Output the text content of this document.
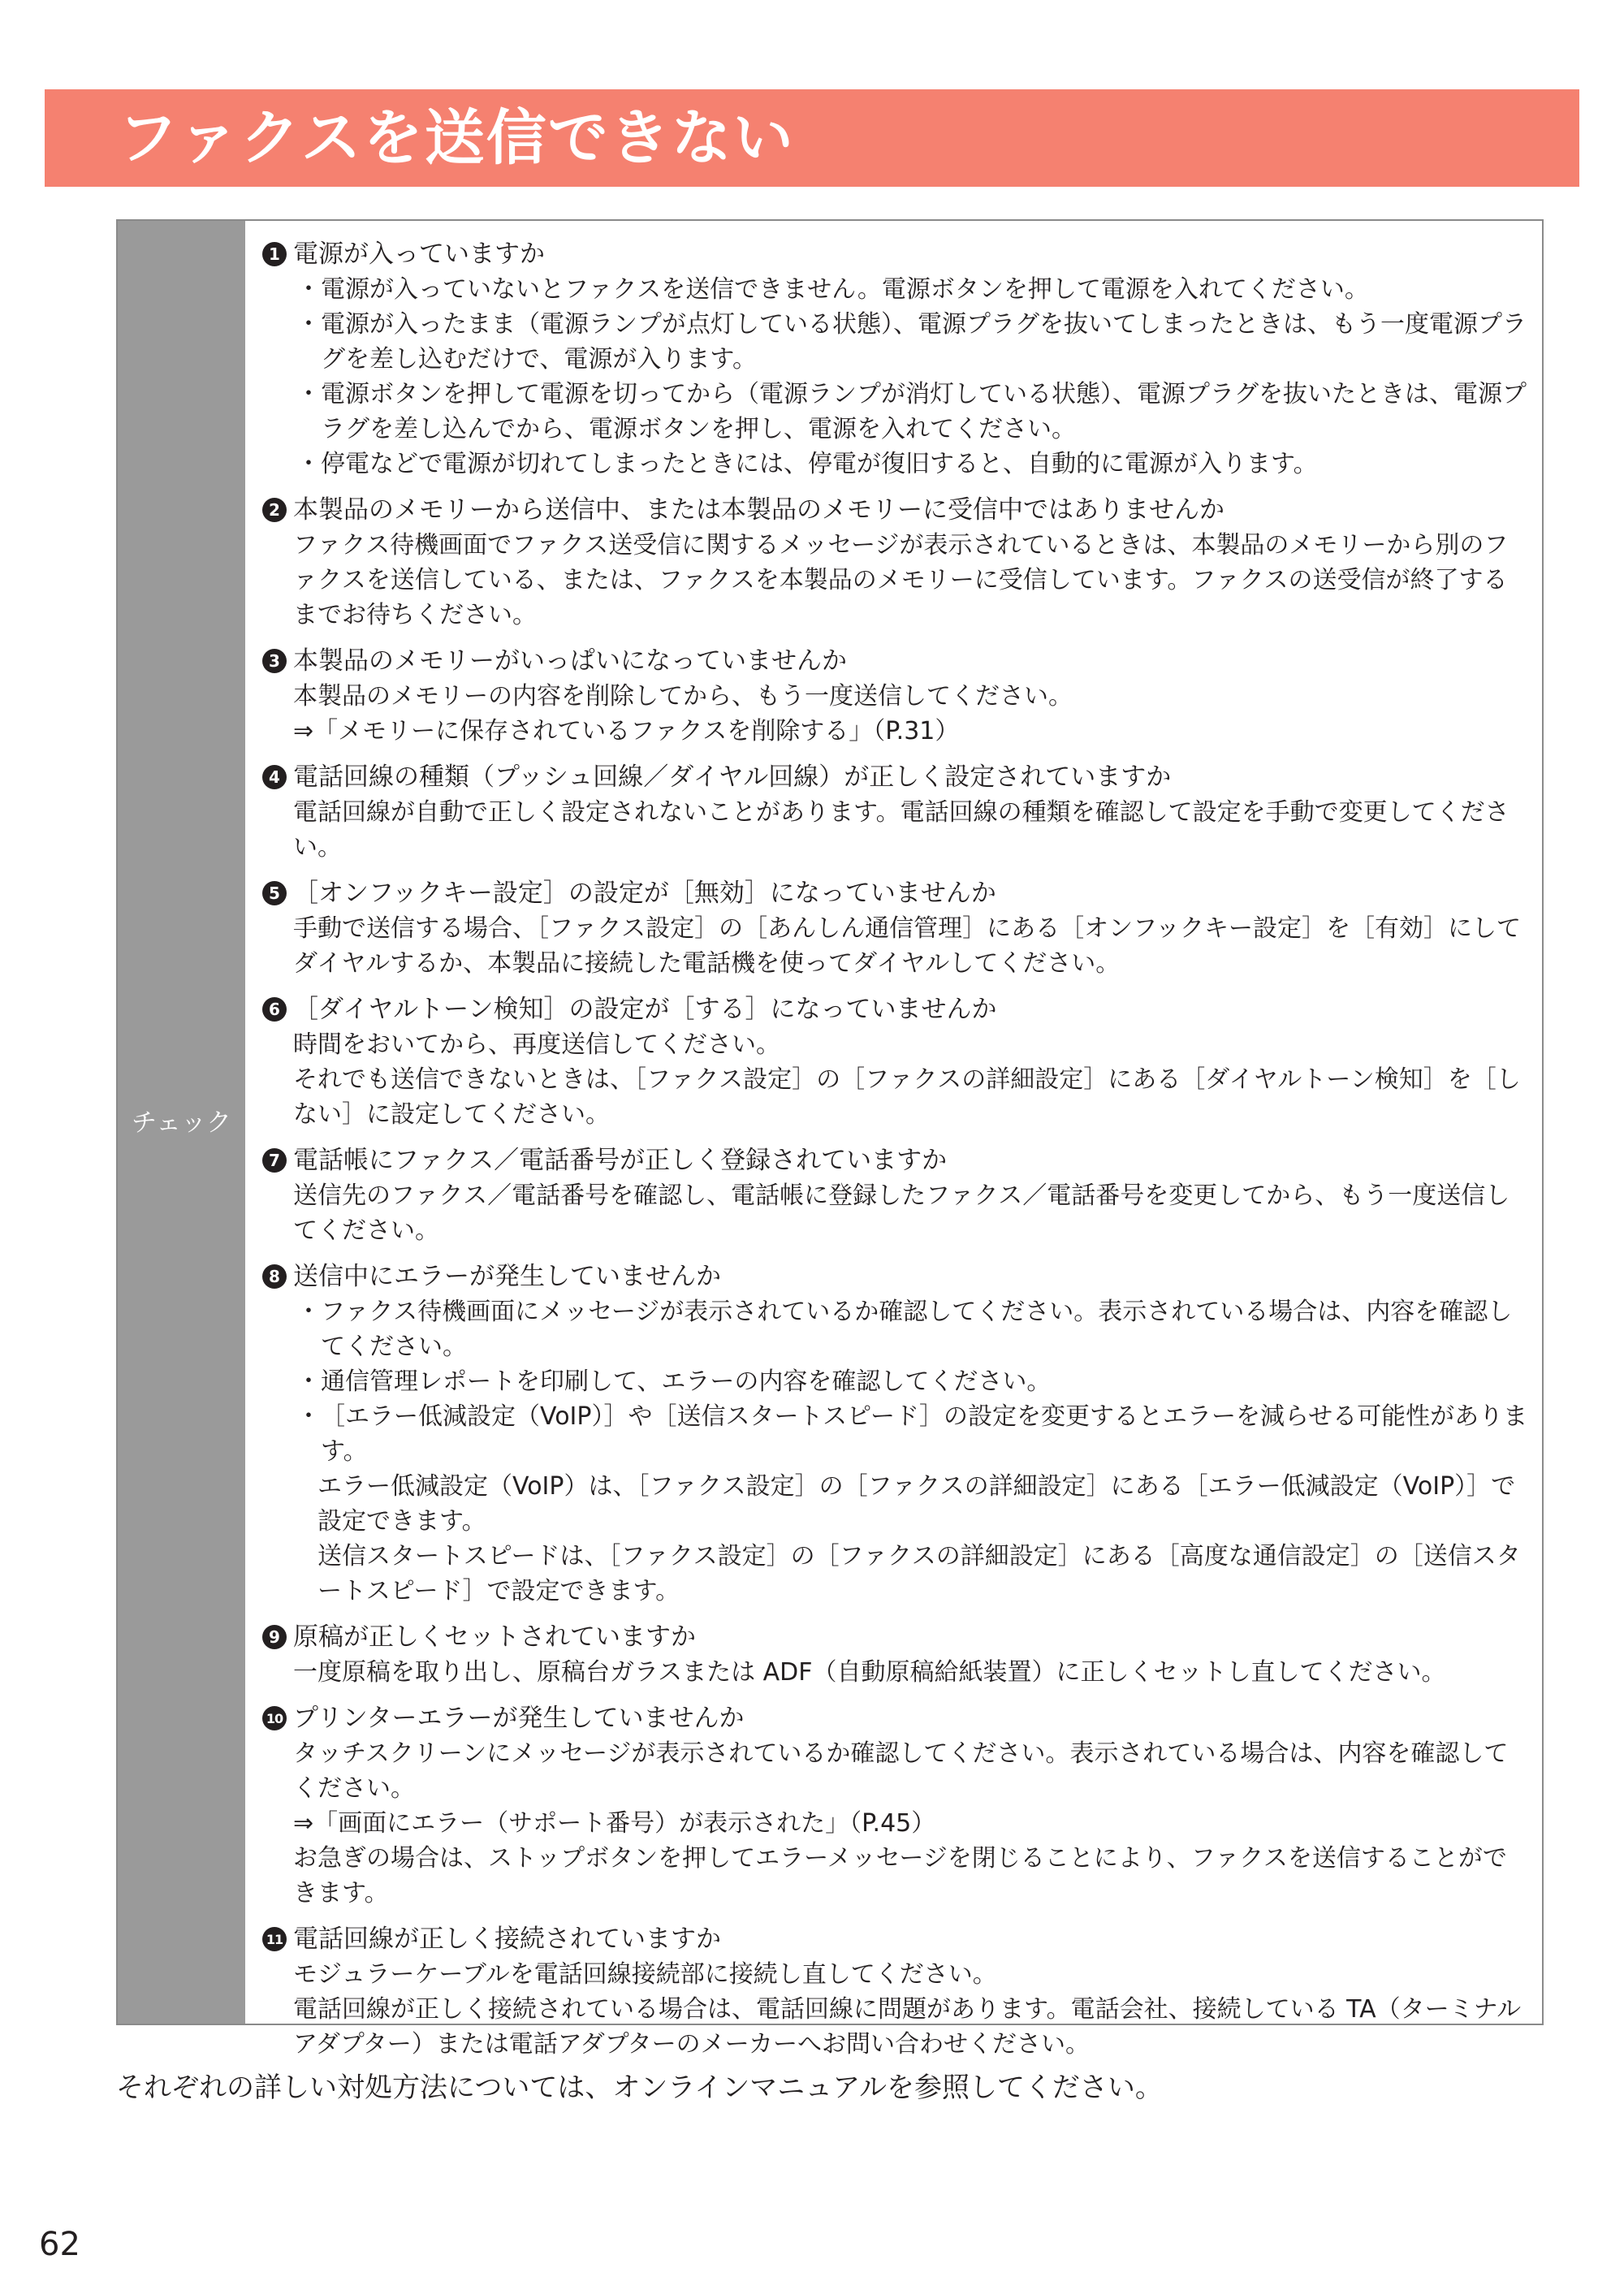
ファクスを送信できない
チェック
1 電源が入っていますか
・ 電源が入っていないとファクスを送信できません。電源ボタンを押して電源を入れてください。
・ 電源が入ったまま（電源ランプが点灯している状態）、電源プラグを抜いてしまったときは、もう一度電源プラグを差し込むだけで、電源が入ります。
・ 電源ボタンを押して電源を切ってから（電源ランプが消灯している状態）、電源プラグを抜いたときは、電源プラグを差し込んでから、電源ボタンを押し、電源を入れてください。
・ 停電などで電源が切れてしまったときには、停電が復旧すると、自動的に電源が入ります。
2 本製品のメモリーから送信中、または本製品のメモリーに受信中ではありませんか

ファクス待機画面でファクス送受信に関するメッセージが表示されているときは、本製品のメモリーから別のファクスを送信している、または、ファクスを本製品のメモリーに受信しています。ファクスの送受信が終了するまでお待ちください。

3 本製品のメモリーがいっぱいになっていませんか

本製品のメモリーの内容を削除してから、もう一度送信してください。

⇒「メモリーに保存されているファクスを削除する」（P.31）

4 電話回線の種類（プッシュ回線／ダイヤル回線）が正しく設定されていますか

電話回線が自動で正しく設定されないことがあります。電話回線の種類を確認して設定を手動で変更してください。

5 ［オンフックキー設定］の設定が［無効］になっていませんか

手動で送信する場合、［ファクス設定］の［あんしん通信管理］にある［オンフックキー設定］を［有効］にしてダイヤルするか、本製品に接続した電話機を使ってダイヤルしてください。

6 ［ダイヤルトーン検知］の設定が［する］になっていませんか

時間をおいてから、再度送信してください。

それでも送信できないときは、［ファクス設定］の［ファクスの詳細設定］にある［ダイヤルトーン検知］を［しない］に設定してください。

7 電話帳にファクス／電話番号が正しく登録されていますか

送信先のファクス／電話番号を確認し、電話帳に登録したファクス／電話番号を変更してから、もう一度送信してください。

8 送信中にエラーが発生していませんか
・ ファクス待機画面にメッセージが表示されているか確認してください。表示されている場合は、内容を確認してください。
・ 通信管理レポートを印刷して、エラーの内容を確認してください。
・ ［エラー低減設定（VoIP）］や［送信スタートスピード］の設定を変更するとエラーを減らせる可能性があります。

エラー低減設定（VoIP）は、［ファクス設定］の［ファクスの詳細設定］にある［エラー低減設定（VoIP）］で設定できます。

送信スタートスピードは、［ファクス設定］の［ファクスの詳細設定］にある［高度な通信設定］の［送信スタートスピード］で設定できます。

9 原稿が正しくセットされていますか

一度原稿を取り出し、原稿台ガラスまたは ADF（自動原稿給紙装置）に正しくセットし直してください。

10 プリンターエラーが発生していませんか

タッチスクリーンにメッセージが表示されているか確認してください。表示されている場合は、内容を確認してください。

⇒「画面にエラー（サポート番号）が表示された」（P.45）

お急ぎの場合は、ストップボタンを押してエラーメッセージを閉じることにより、ファクスを送信することができます。

11 電話回線が正しく接続されていますか

モジュラーケーブルを電話回線接続部に接続し直してください。

電話回線が正しく接続されている場合は、電話回線に問題があります。電話会社、接続している TA（ターミナルアダプター）または電話アダプターのメーカーへお問い合わせください。

それぞれの詳しい対処方法については、オンラインマニュアルを参照してください。
62
